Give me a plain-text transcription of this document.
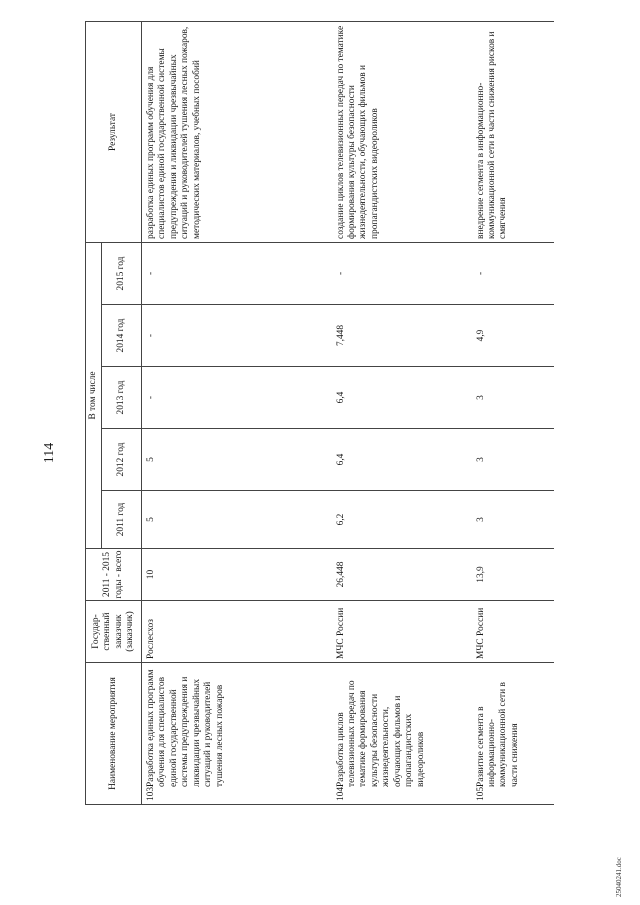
114
Наименование мероприятия	Государ-ственный заказчик (заказчик)	2011 - 2015 годы - всего	В том числе					Результат
			2011 год	2012 год	2013 год	2014 год	2015 год	
103.Разработка единых программ обучения для специалистов единой государственной системы предупреждения и ликвидации чрезвычайных ситуаций и руководителей тушения лесных пожаров	Рослесхоз	10	5	5	-	-	-	разработка единых программ обучения для специалистов единой государственной системы предупреждения и ликвидации чрезвычайных ситуаций и руководителей тушения лесных пожаров, методических материалов, учебных пособий
104.Разработка циклов телевизионных передач по тематике формирования культуры безопасности жизнедеятельности, обучающих фильмов и пропагандистских видеороликов	МЧС России	26,448	6,2	6,4	6,4	7,448	-	создание циклов телевизионных передач по тематике формирования культуры безопасности жизнедеятельности, обучающих фильмов и пропагандистских видеороликов
105.Развитие сегмента в информационно-коммуникационной сети в части снижения	МЧС России	13,9	3	3	3	4,9	-	внедрение сегмента в информационно-коммуникационной сети в части снижения рисков и смягчения
25040241.doc
